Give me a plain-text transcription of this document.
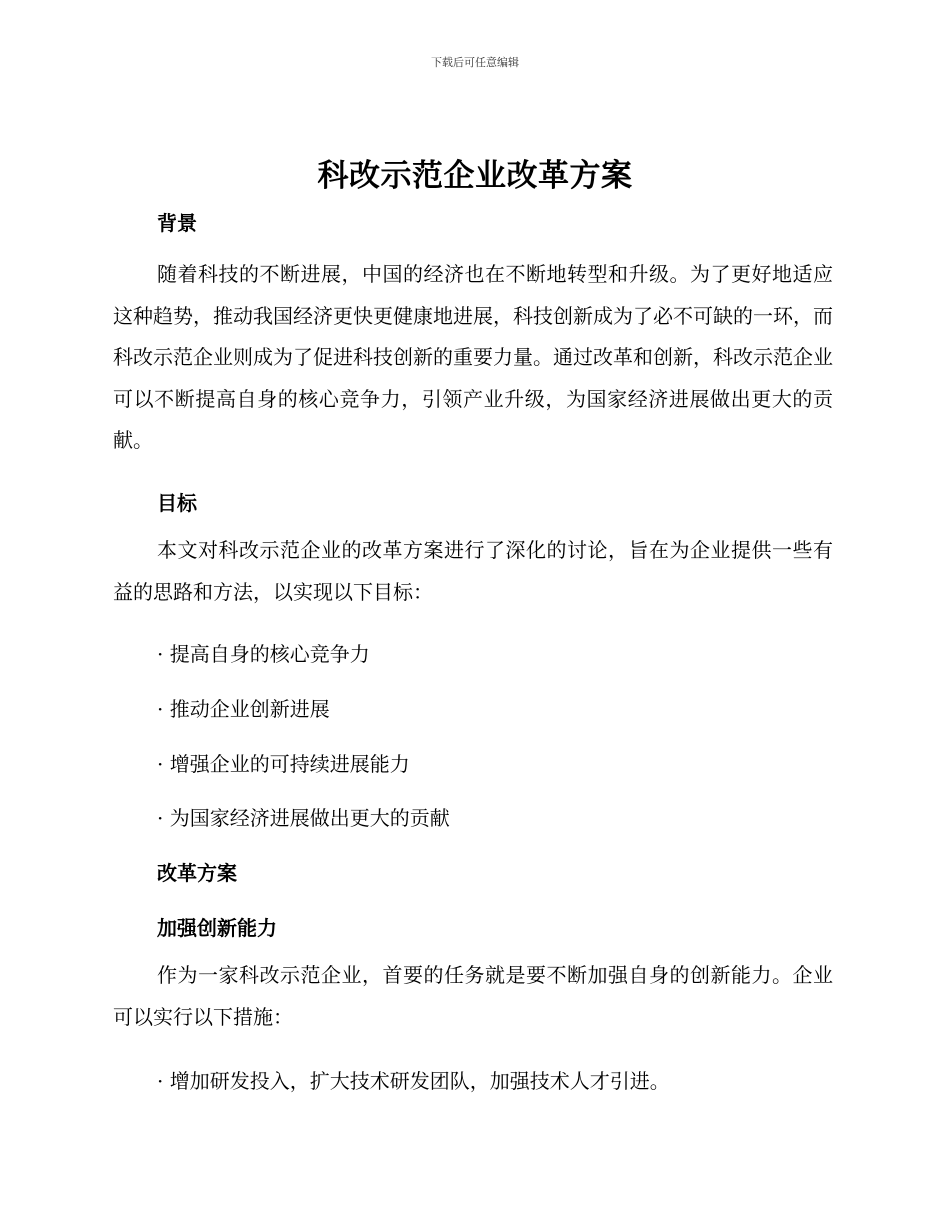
下载后可任意编辑
科改示范企业改革方案
背景
随着科技的不断进展，中国的经济也在不断地转型和升级。为了更好地适应这种趋势，推动我国经济更快更健康地进展，科技创新成为了必不可缺的一环，而科改示范企业则成为了促进科技创新的重要力量。通过改革和创新，科改示范企业可以不断提高自身的核心竞争力，引领产业升级，为国家经济进展做出更大的贡献。
目标
本文对科改示范企业的改革方案进行了深化的讨论，旨在为企业提供一些有益的思路和方法，以实现以下目标：
· 提高自身的核心竞争力
· 推动企业创新进展
· 增强企业的可持续进展能力
· 为国家经济进展做出更大的贡献
改革方案
加强创新能力
作为一家科改示范企业，首要的任务就是要不断加强自身的创新能力。企业可以实行以下措施：
· 增加研发投入，扩大技术研发团队，加强技术人才引进。
